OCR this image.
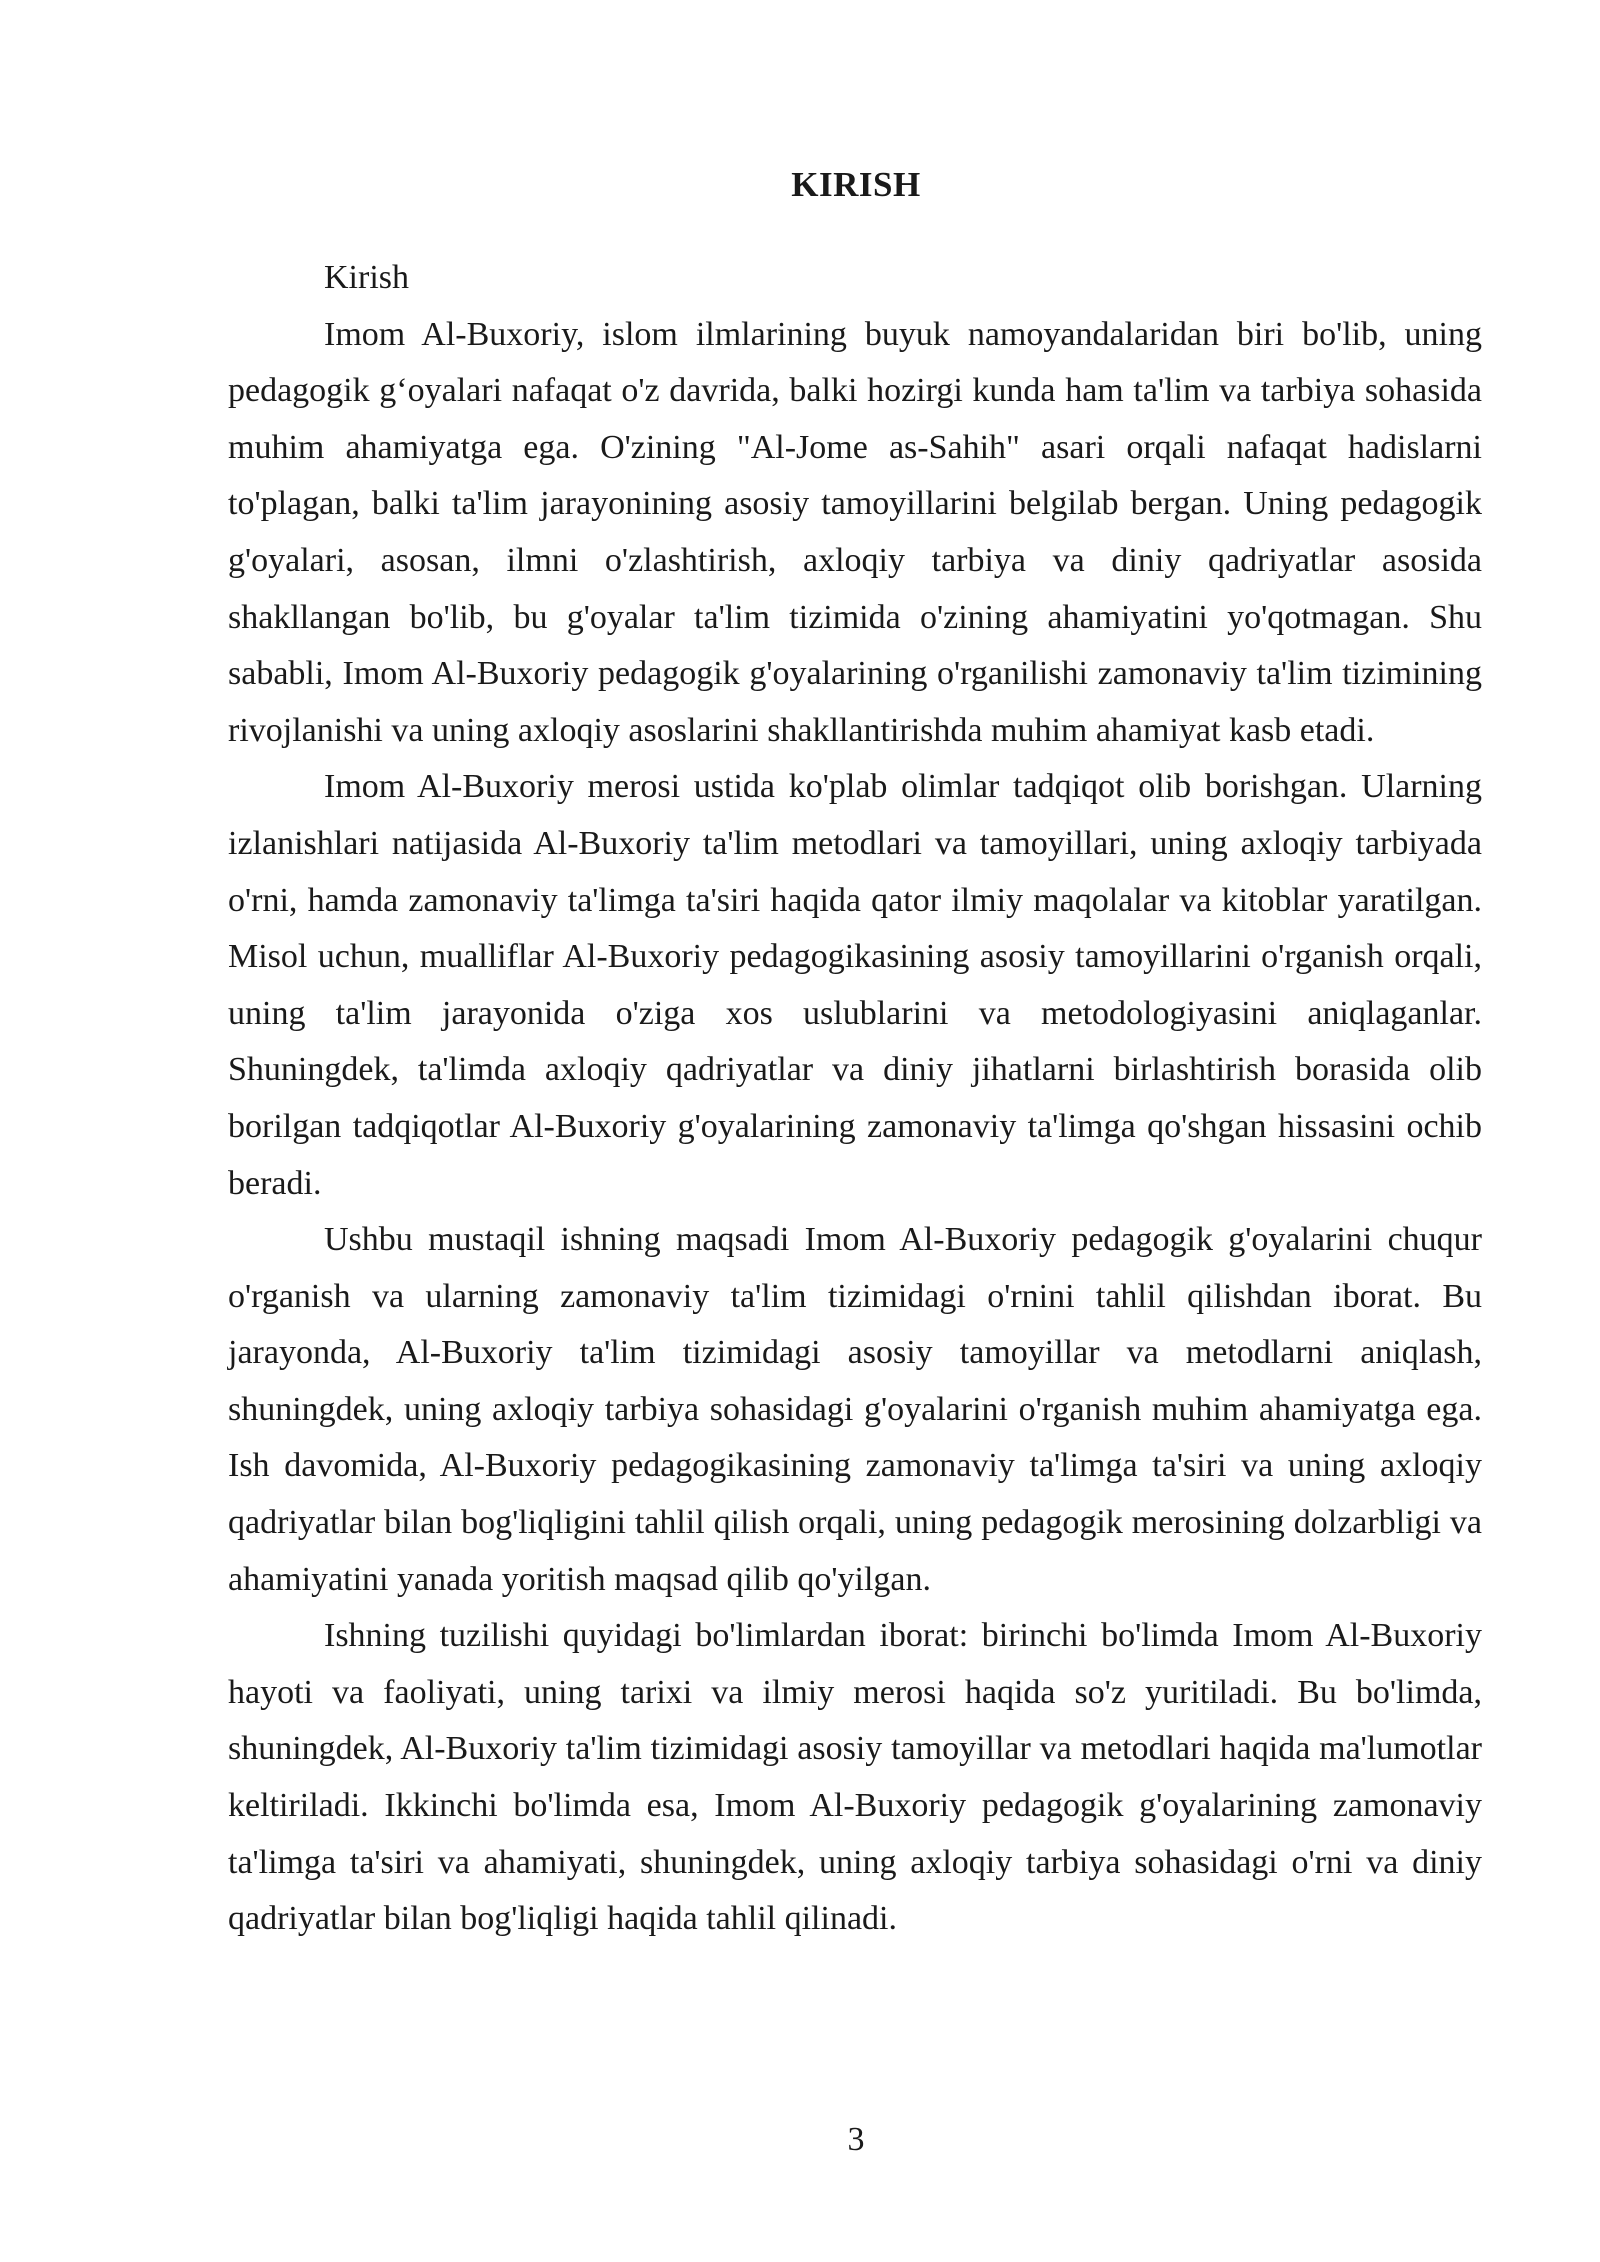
KIRISH

Kirish

Imom Al-Buxoriy, islom ilmlarining buyuk namoyandalaridan biri bo'lib, uning pedagogik g‘oyalari nafaqat o'z davrida, balki hozirgi kunda ham ta'lim va tarbiya sohasida muhim ahamiyatga ega. O'zining "Al-Jome as-Sahih" asari orqali nafaqat hadislarni to'plagan, balki ta'lim jarayonining asosiy tamoyillarini belgilab bergan. Uning pedagogik g'oyalari, asosan, ilmni o'zlashtirish, axloqiy tarbiya va diniy qadriyatlar asosida shakllangan bo'lib, bu g'oyalar ta'lim tizimida o'zining ahamiyatini yo'qotmagan. Shu sababli, Imom Al-Buxoriy pedagogik g'oyalarining o'rganilishi zamonaviy ta'lim tizimining rivojlanishi va uning axloqiy asoslarini shakllantirishda muhim ahamiyat kasb etadi.

Imom Al-Buxoriy merosi ustida ko'plab olimlar tadqiqot olib borishgan. Ularning izlanishlari natijasida Al-Buxoriy ta'lim metodlari va tamoyillari, uning axloqiy tarbiyada o'rni, hamda zamonaviy ta'limga ta'siri haqida qator ilmiy maqolalar va kitoblar yaratilgan. Misol uchun, mualliflar Al-Buxoriy pedagogikasining asosiy tamoyillarini o'rganish orqali, uning ta'lim jarayonida o'ziga xos uslublarini va metodologiyasini aniqlaganlar. Shuningdek, ta'limda axloqiy qadriyatlar va diniy jihatlarni birlashtirish borasida olib borilgan tadqiqotlar Al-Buxoriy g'oyalarining zamonaviy ta'limga qo'shgan hissasini ochib beradi.

Ushbu mustaqil ishning maqsadi Imom Al-Buxoriy pedagogik g'oyalarini chuqur o'rganish va ularning zamonaviy ta'lim tizimidagi o'rnini tahlil qilishdan iborat. Bu jarayonda, Al-Buxoriy ta'lim tizimidagi asosiy tamoyillar va metodlarni aniqlash, shuningdek, uning axloqiy tarbiya sohasidagi g'oyalarini o'rganish muhim ahamiyatga ega. Ish davomida, Al-Buxoriy pedagogikasining zamonaviy ta'limga ta'siri va uning axloqiy qadriyatlar bilan bog'liqligini tahlil qilish orqali, uning pedagogik merosining dolzarbligi va ahamiyatini yanada yoritish maqsad qilib qo'yilgan.

Ishning tuzilishi quyidagi bo'limlardan iborat: birinchi bo'limda Imom Al-Buxoriy hayoti va faoliyati, uning tarixi va ilmiy merosi haqida so'z yuritiladi. Bu bo'limda, shuningdek, Al-Buxoriy ta'lim tizimidagi asosiy tamoyillar va metodlari haqida ma'lumotlar keltiriladi. Ikkinchi bo'limda esa, Imom Al-Buxoriy pedagogik g'oyalarining zamonaviy ta'limga ta'siri va ahamiyati, shuningdek, uning axloqiy tarbiya sohasidagi o'rni va diniy qadriyatlar bilan bog'liqligi haqida tahlil qilinadi.

3
